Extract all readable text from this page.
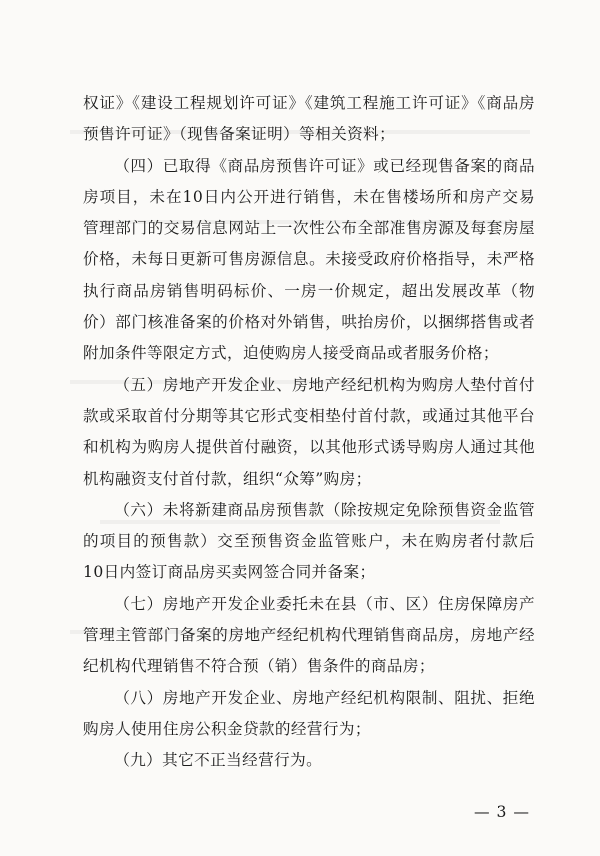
权证》《建设工程规划许可证》《建筑工程施工许可证》《商品房预售许可证》（现售备案证明）等相关资料；

（四）已取得《商品房预售许可证》或已经现售备案的商品房项目，未在10日内公开进行销售，未在售楼场所和房产交易管理部门的交易信息网站上一次性公布全部准售房源及每套房屋价格，未每日更新可售房源信息。未接受政府价格指导，未严格执行商品房销售明码标价、一房一价规定，超出发展改革（物价）部门核准备案的价格对外销售，哄抬房价，以捆绑搭售或者附加条件等限定方式，迫使购房人接受商品或者服务价格；

（五）房地产开发企业、房地产经纪机构为购房人垫付首付款或采取首付分期等其它形式变相垫付首付款，或通过其他平台和机构为购房人提供首付融资，以其他形式诱导购房人通过其他机构融资支付首付款，组织“众筹”购房；

（六）未将新建商品房预售款（除按规定免除预售资金监管的项目的预售款）交至预售资金监管账户，未在购房者付款后10日内签订商品房买卖网签合同并备案；

（七）房地产开发企业委托未在县（市、区）住房保障房产管理主管部门备案的房地产经纪机构代理销售商品房，房地产经纪机构代理销售不符合预（销）售条件的商品房；

（八）房地产开发企业、房地产经纪机构限制、阻扰、拒绝购房人使用住房公积金贷款的经营行为；

（九）其它不正当经营行为。

— 3 —
